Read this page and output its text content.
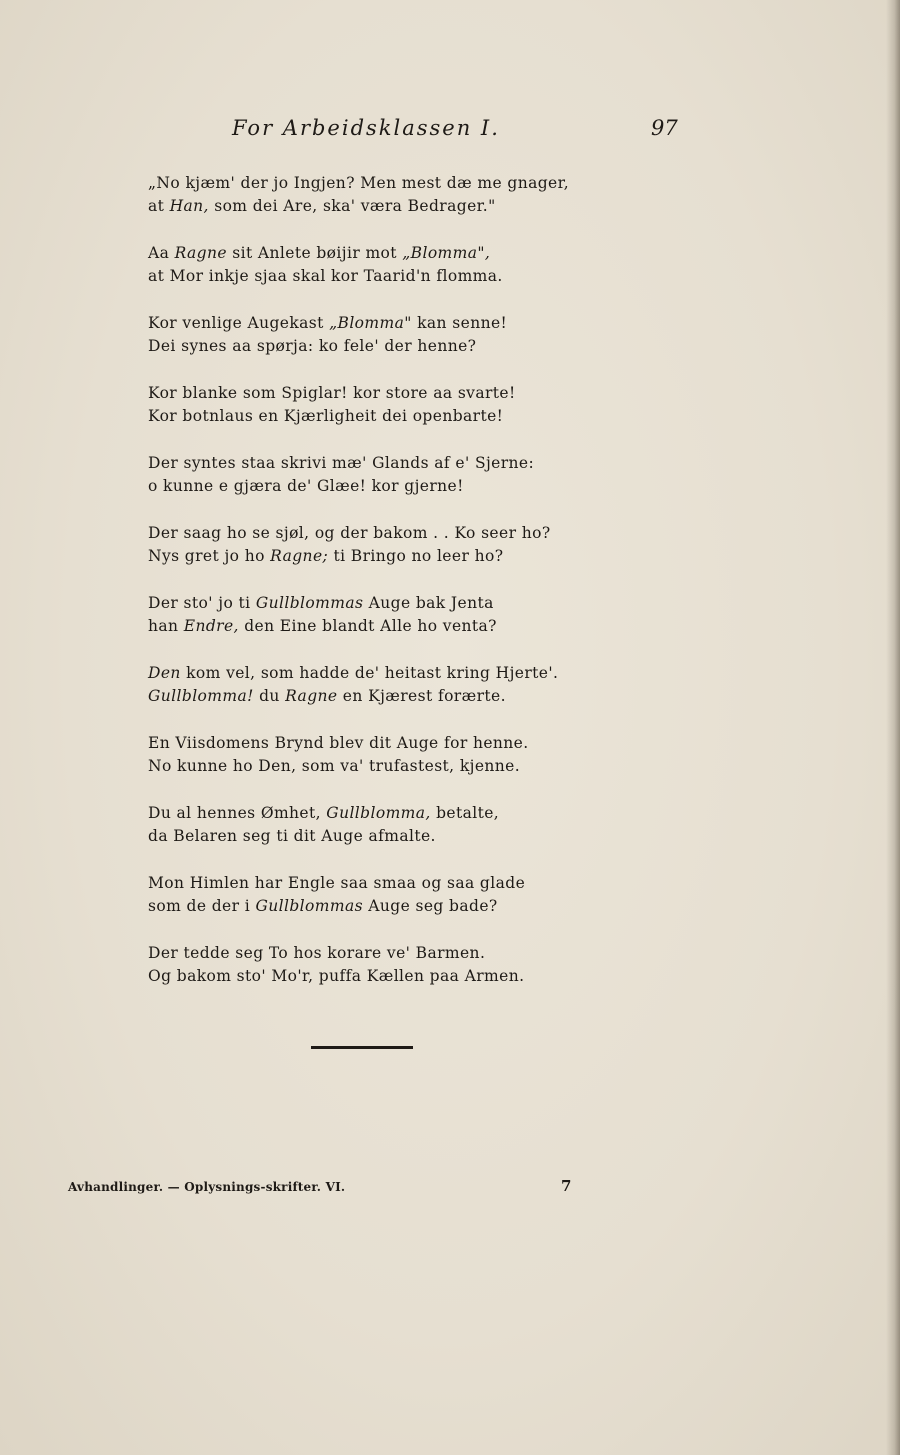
For Arbeidsklassen I.	97
„No kjæm' der jo Ingjen? Men mest dæ me gnager,
at Han, som dei Are, ska' væra Bedrager."
Aa Ragne sit Anlete bøijir mot „Blomma",
at Mor inkje sjaa skal kor Taarid'n flomma.
Kor venlige Augekast „Blomma" kan senne!
Dei synes aa spørja: ko fele' der henne?
Kor blanke som Spiglar! kor store aa svarte!
Kor botnlaus en Kjærligheit dei openbarte!
Der syntes staa skrivi mæ' Glands af e' Sjerne:
o kunne e gjæra de' Glæe! kor gjerne!
Der saag ho se sjøl, og der bakom . . Ko seer ho?
Nys gret jo ho Ragne; ti Bringo no leer ho?
Der sto' jo ti Gullblommas Auge bak Jenta
han Endre, den Eine blandt Alle ho venta?
Den kom vel, som hadde de' heitast kring Hjerte'.
Gullblomma! du Ragne en Kjærest forærte.
En Viisdomens Brynd blev dit Auge for henne.
No kunne ho Den, som va' trufastest, kjenne.
Du al hennes Ømhet, Gullblomma, betalte,
da Belaren seg ti dit Auge afmalte.
Mon Himlen har Engle saa smaa og saa glade
som de der i Gullblommas Auge seg bade?
Der tedde seg To hos korare ve' Barmen.
Og bakom sto' Mo'r, puffa Kællen paa Armen.
Avhandlinger. — Oplysnings-skrifter. VI.	7
